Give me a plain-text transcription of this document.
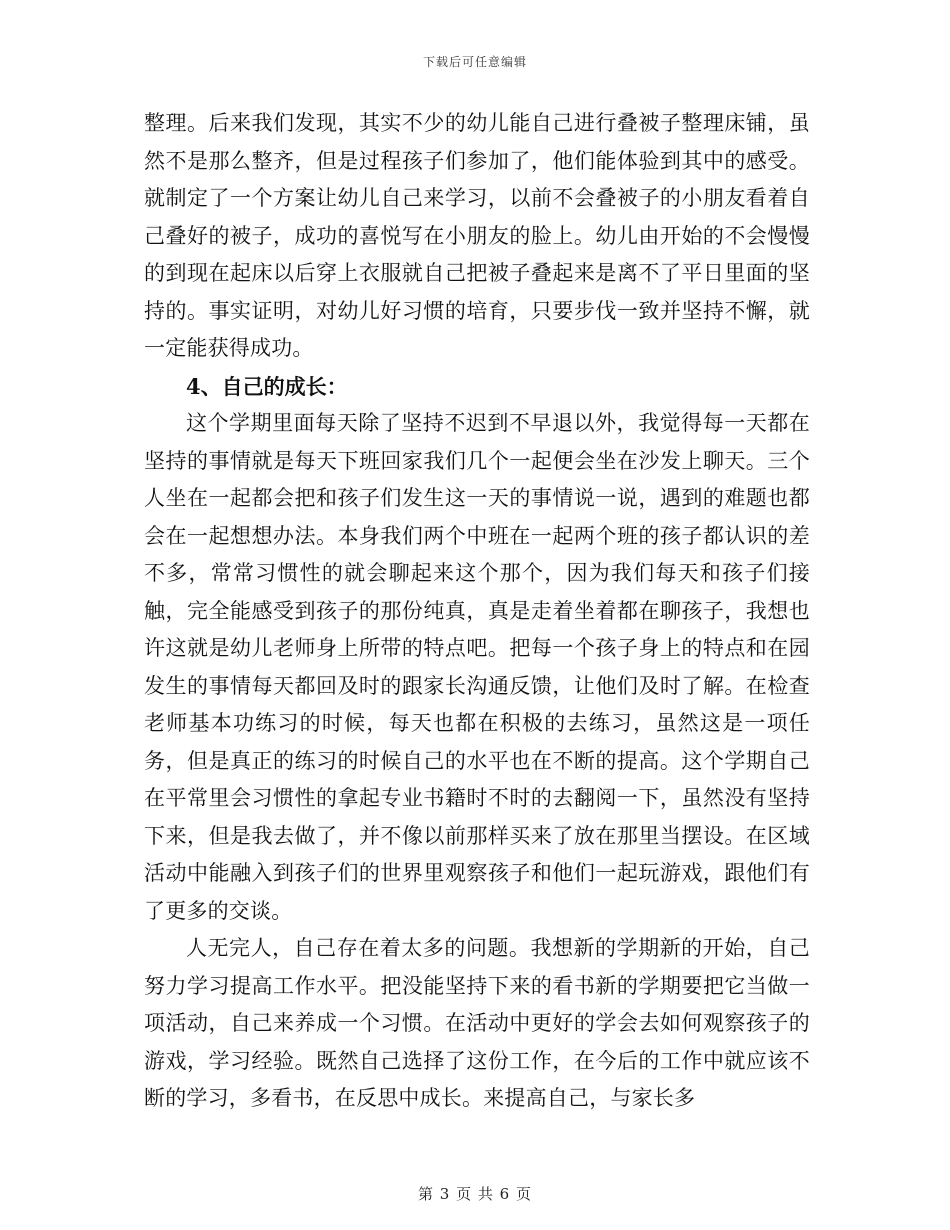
下载后可任意编辑

整理。后来我们发现，其实不少的幼儿能自己进行叠被子整理床铺，虽然不是那么整齐，但是过程孩子们参加了，他们能体验到其中的感受。就制定了一个方案让幼儿自己来学习，以前不会叠被子的小朋友看着自己叠好的被子，成功的喜悦写在小朋友的脸上。幼儿由开始的不会慢慢的到现在起床以后穿上衣服就自己把被子叠起来是离不了平日里面的坚持的。事实证明，对幼儿好习惯的培育，只要步伐一致并坚持不懈，就一定能获得成功。

4、自己的成长：

这个学期里面每天除了坚持不迟到不早退以外，我觉得每一天都在坚持的事情就是每天下班回家我们几个一起便会坐在沙发上聊天。三个人坐在一起都会把和孩子们发生这一天的事情说一说，遇到的难题也都会在一起想想办法。本身我们两个中班在一起两个班的孩子都认识的差不多，常常习惯性的就会聊起来这个那个，因为我们每天和孩子们接触，完全能感受到孩子的那份纯真，真是走着坐着都在聊孩子，我想也许这就是幼儿老师身上所带的特点吧。把每一个孩子身上的特点和在园发生的事情每天都回及时的跟家长沟通反馈，让他们及时了解。在检查老师基本功练习的时候，每天也都在积极的去练习，虽然这是一项任务，但是真正的练习的时候自己的水平也在不断的提高。这个学期自己在平常里会习惯性的拿起专业书籍时不时的去翻阅一下，虽然没有坚持下来，但是我去做了，并不像以前那样买来了放在那里当摆设。在区域活动中能融入到孩子们的世界里观察孩子和他们一起玩游戏，跟他们有了更多的交谈。

人无完人，自己存在着太多的问题。我想新的学期新的开始，自己努力学习提高工作水平。把没能坚持下来的看书新的学期要把它当做一项活动，自己来养成一个习惯。在活动中更好的学会去如何观察孩子的游戏，学习经验。既然自己选择了这份工作，在今后的工作中就应该不断的学习，多看书，在反思中成长。来提高自己，与家长多

第 3 页 共 6 页
